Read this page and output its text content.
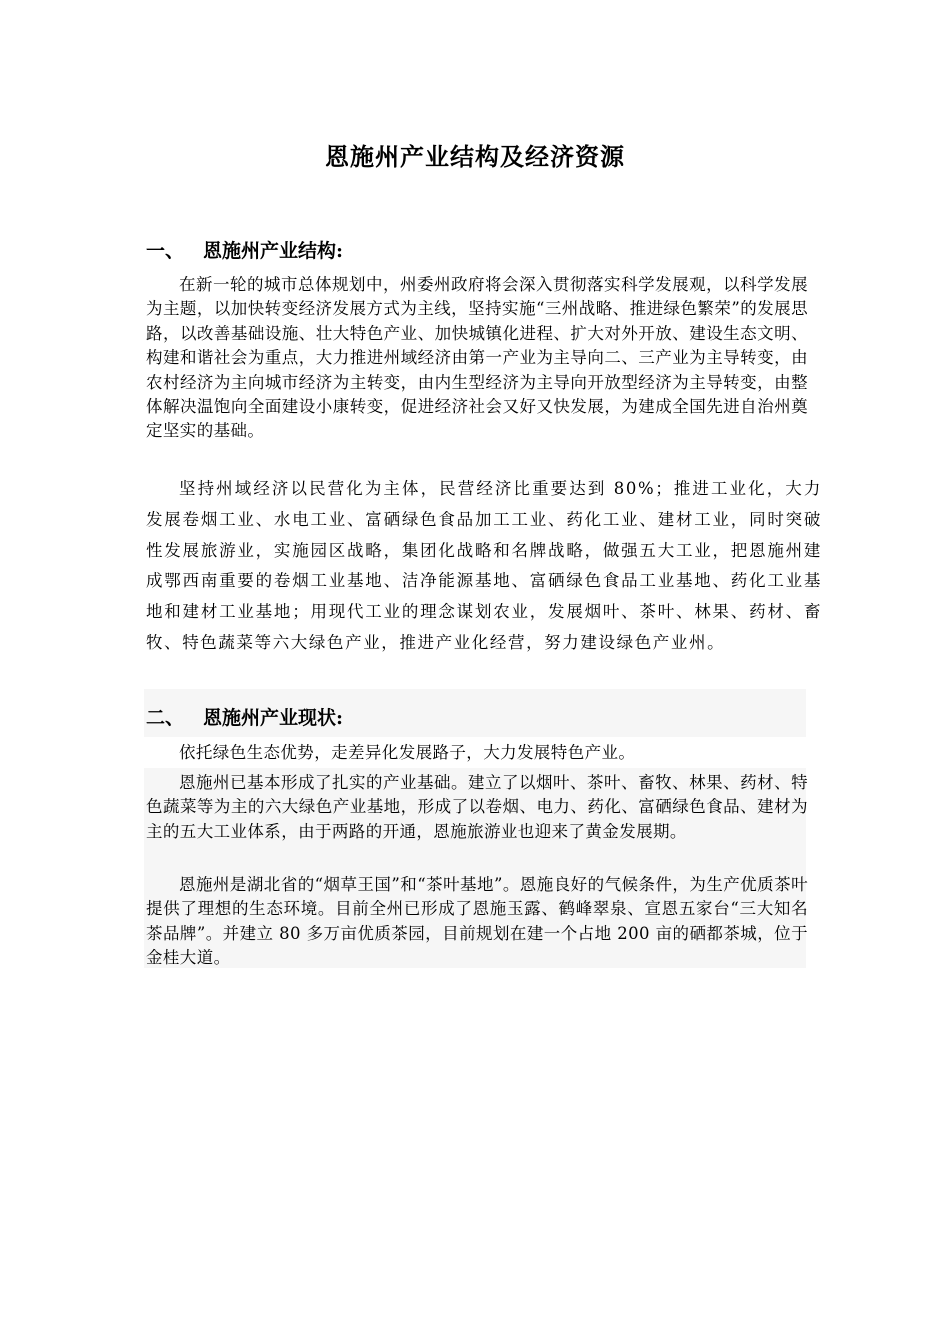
恩施州产业结构及经济资源
一、 恩施州产业结构:

在新一轮的城市总体规划中，州委州政府将会深入贯彻落实科学发展观，以科学发展为主题，以加快转变经济发展方式为主线，坚持实施“三州战略、推进绿色繁荣”的发展思路，以改善基础设施、壮大特色产业、加快城镇化进程、扩大对外开放、建设生态文明、构建和谐社会为重点，大力推进州域经济由第一产业为主导向二、三产业为主导转变，由农村经济为主向城市经济为主转变，由内生型经济为主导向开放型经济为主导转变，由整体解决温饱向全面建设小康转变，促进经济社会又好又快发展，为建成全国先进自治州奠定坚实的基础。

坚持州域经济以民营化为主体，民营经济比重要达到 80%；推进工业化，大力发展卷烟工业、水电工业、富硒绿色食品加工工业、药化工业、建材工业，同时突破性发展旅游业，实施园区战略，集团化战略和名牌战略，做强五大工业，把恩施州建成鄂西南重要的卷烟工业基地、洁净能源基地、富硒绿色食品工业基地、药化工业基地和建材工业基地；用现代工业的理念谋划农业，发展烟叶、茶叶、林果、药材、畜牧、特色蔬菜等六大绿色产业，推进产业化经营，努力建设绿色产业州。

二、 恩施州产业现状:

依托绿色生态优势，走差异化发展路子，大力发展特色产业。

恩施州已基本形成了扎实的产业基础。建立了以烟叶、茶叶、畜牧、林果、药材、特色蔬菜等为主的六大绿色产业基地，形成了以卷烟、电力、药化、富硒绿色食品、建材为主的五大工业体系，由于两路的开通，恩施旅游业也迎来了黄金发展期。

恩施州是湖北省的“烟草王国”和“茶叶基地”。恩施良好的气候条件，为生产优质茶叶提供了理想的生态环境。目前全州已形成了恩施玉露、鹤峰翠泉、宣恩五家台“三大知名茶品牌”。并建立 80 多万亩优质茶园，目前规划在建一个占地 200 亩的硒都茶城，位于金桂大道。
